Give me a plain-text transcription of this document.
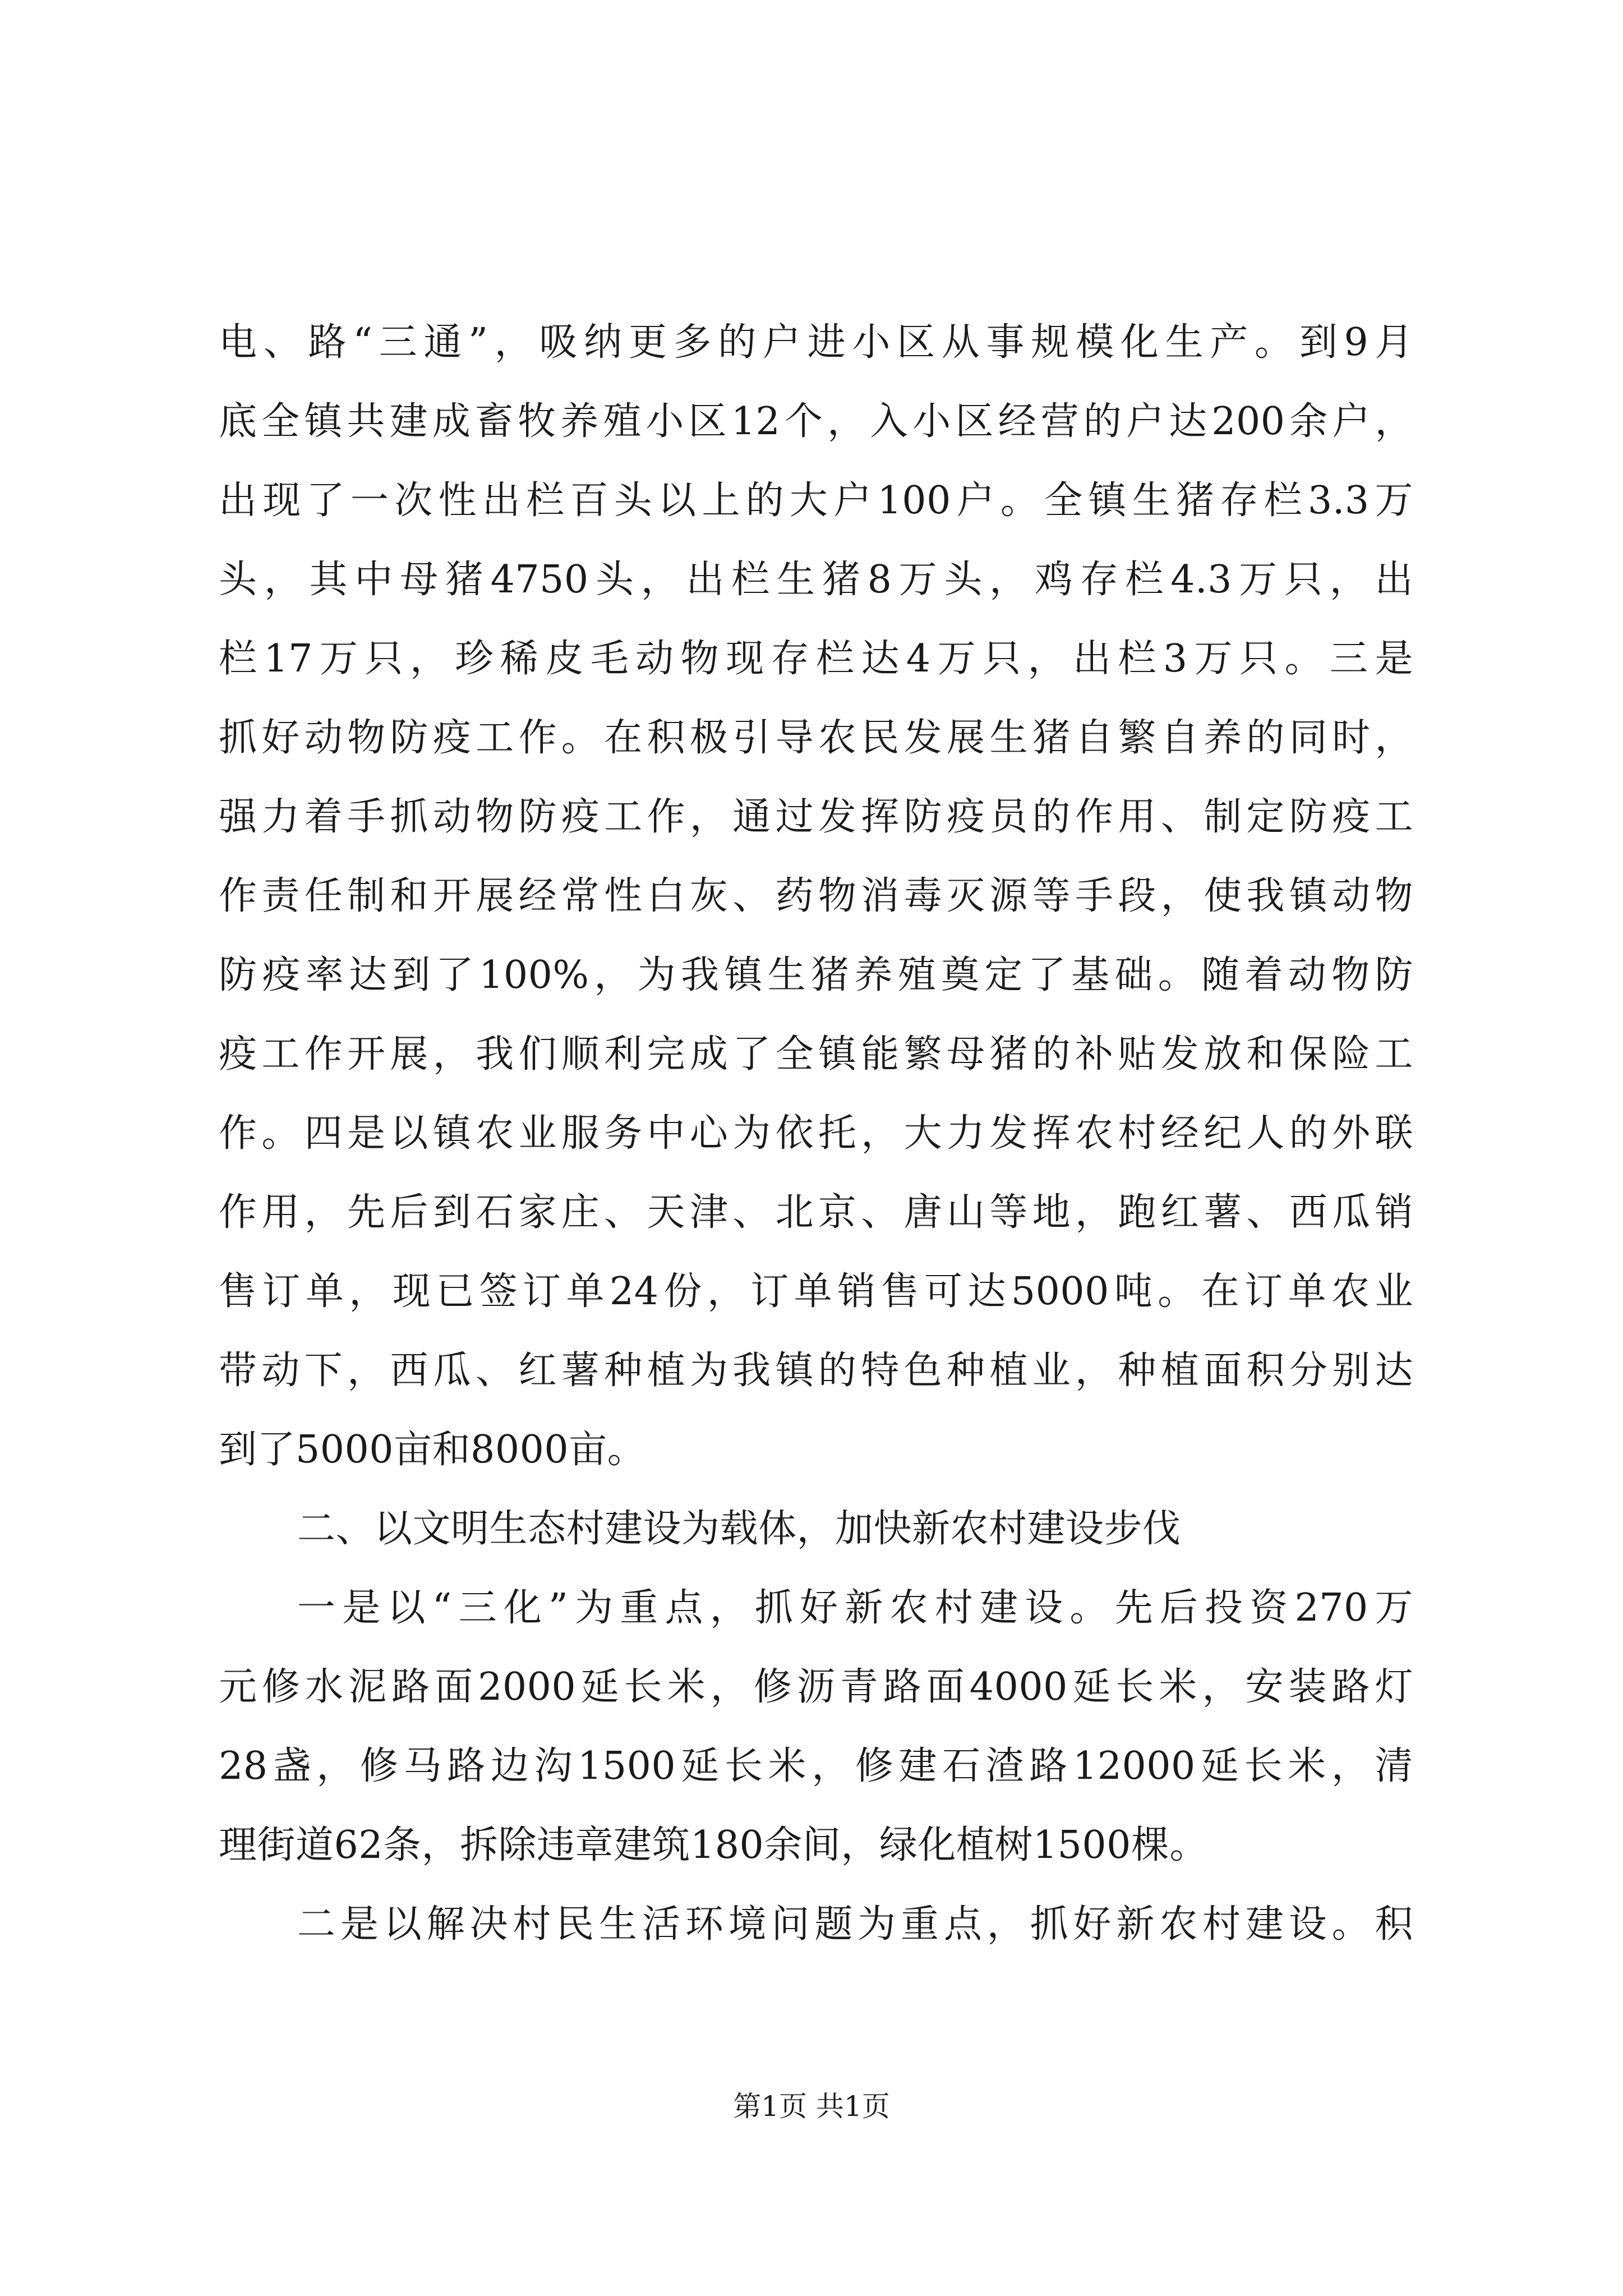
电、路“三通”，吸纳更多的户进小区从事规模化生产。到9月
底全镇共建成畜牧养殖小区12个，入小区经营的户达200余户，
出现了一次性出栏百头以上的大户100户。全镇生猪存栏3.3万
头，其中母猪4750头，出栏生猪8万头，鸡存栏4.3万只，出
栏17万只，珍稀皮毛动物现存栏达4万只，出栏3万只。三是
抓好动物防疫工作。在积极引导农民发展生猪自繁自养的同时，
强力着手抓动物防疫工作，通过发挥防疫员的作用、制定防疫工
作责任制和开展经常性白灰、药物消毒灭源等手段，使我镇动物
防疫率达到了100%，为我镇生猪养殖奠定了基础。随着动物防
疫工作开展，我们顺利完成了全镇能繁母猪的补贴发放和保险工
作。四是以镇农业服务中心为依托，大力发挥农村经纪人的外联
作用，先后到石家庄、天津、北京、唐山等地，跑红薯、西瓜销
售订单，现已签订单24份，订单销售可达5000吨。在订单农业
带动下，西瓜、红薯种植为我镇的特色种植业，种植面积分别达
到了5000亩和8000亩。
二、以文明生态村建设为载体，加快新农村建设步伐
一是以“三化”为重点，抓好新农村建设。先后投资270万
元修水泥路面2000延长米，修沥青路面4000延长米，安装路灯
28盏，修马路边沟1500延长米，修建石渣路12000延长米，清
理街道62条，拆除违章建筑180余间，绿化植树1500棵。
二是以解决村民生活环境问题为重点，抓好新农村建设。积
第1页 共1页
